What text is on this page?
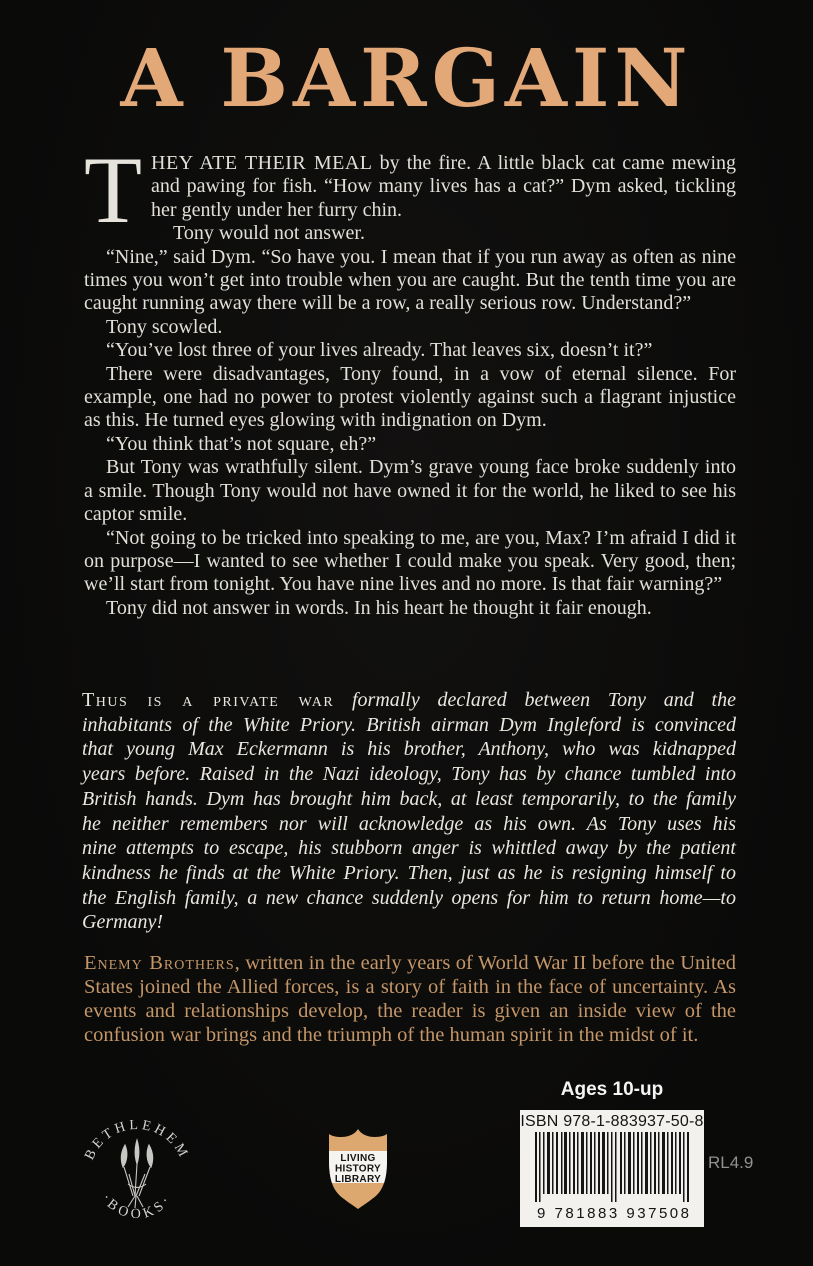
A BARGAIN

THEY ATE THEIR MEAL by the fire. A little black cat came mewing and pawing for fish. “How many lives has a cat?” Dym asked, tickling her gently under her furry chin.

Tony would not answer.

“Nine,” said Dym. “So have you. I mean that if you run away as often as nine times you won’t get into trouble when you are caught. But the tenth time you are caught running away there will be a row, a really serious row. Understand?”

Tony scowled.

“You’ve lost three of your lives already. That leaves six, doesn’t it?”

There were disadvantages, Tony found, in a vow of eternal silence. For example, one had no power to protest violently against such a flagrant injustice as this. He turned eyes glowing with indignation on Dym.

“You think that’s not square, eh?”

But Tony was wrathfully silent. Dym’s grave young face broke suddenly into a smile. Though Tony would not have owned it for the world, he liked to see his captor smile.

“Not going to be tricked into speaking to me, are you, Max? I’m afraid I did it on purpose—I wanted to see whether I could make you speak. Very good, then; we’ll start from tonight. You have nine lives and no more. Is that fair warning?”

Tony did not answer in words. In his heart he thought it fair enough.

Thus is a private war formally declared between Tony and the inhabitants of the White Priory. British airman Dym Ingleford is convinced that young Max Eckermann is his brother, Anthony, who was kidnapped years before. Raised in the Nazi ideology, Tony has by chance tumbled into British hands. Dym has brought him back, at least temporarily, to the family he neither remembers nor will acknowledge as his own. As Tony uses his nine attempts to escape, his stubborn anger is whittled away by the patient kindness he finds at the White Priory. Then, just as he is resigning himself to the English family, a new chance suddenly opens for him to return home—to Germany!
Enemy Brothers, written in the early years of World War II before the United States joined the Allied forces, is a story of faith in the face of uncertainty. As events and relationships develop, the reader is given an inside view of the confusion war brings and the triumph of the human spirit in the midst of it.
Ages 10-up
ISBN 978-1-883937-50-8
9 781883 937508
RL4.9
BETHLEHEM
·BOOKS·
LIVING
HISTORY
LIBRARY
